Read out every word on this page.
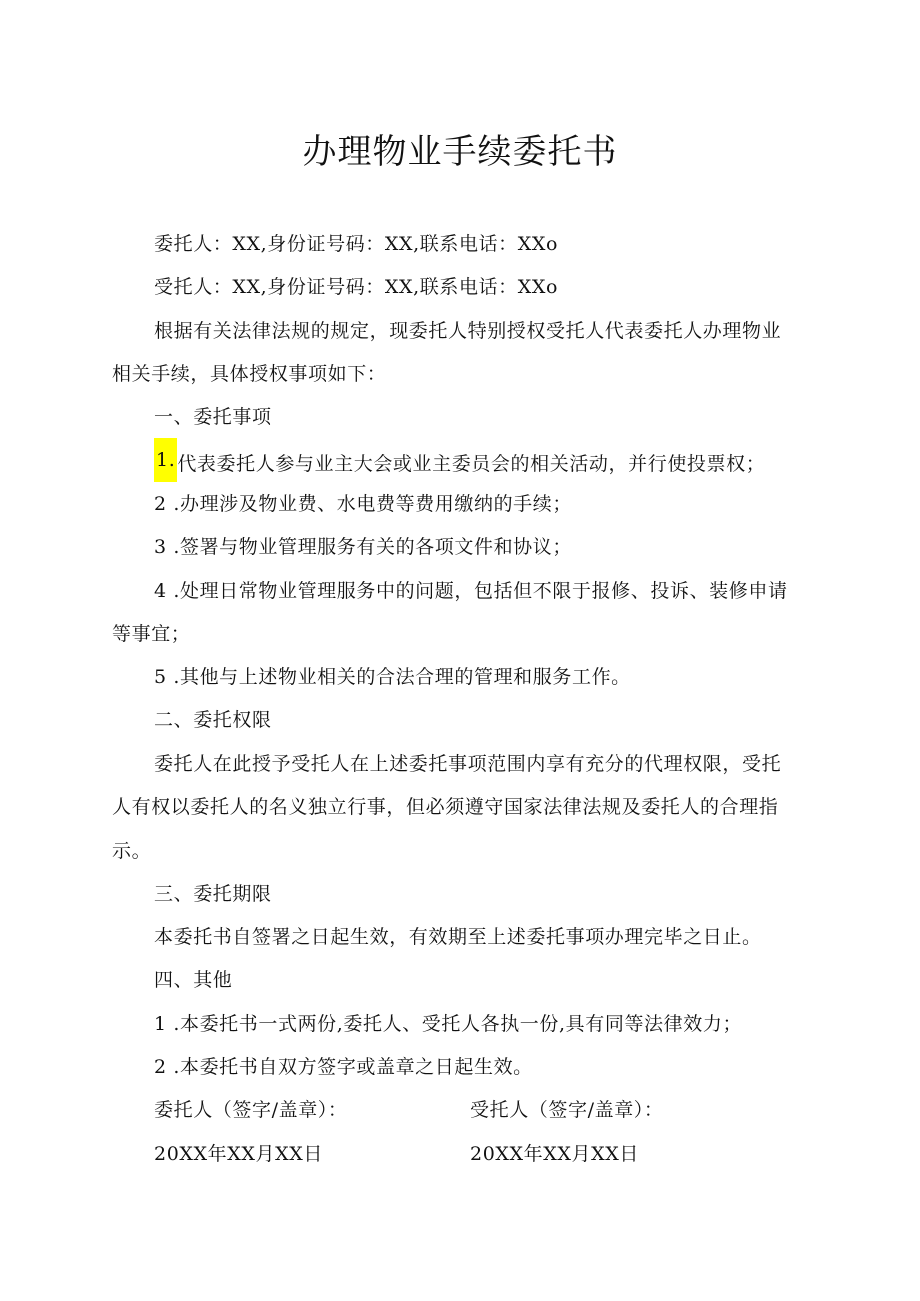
办理物业手续委托书
委托人：XX,身份证号码：XX,联系电话：XXo
受托人：XX,身份证号码：XX,联系电话：XXo
根据有关法律法规的规定，现委托人特别授权受托人代表委托人办理物业
相关手续，具体授权事项如下：
一、委托事项
1. 代表委托人参与业主大会或业主委员会的相关活动，并行使投票权；
2 .办理涉及物业费、水电费等费用缴纳的手续；
3 .签署与物业管理服务有关的各项文件和协议；
4 .处理日常物业管理服务中的问题，包括但不限于报修、投诉、装修申请
等事宜；
5 .其他与上述物业相关的合法合理的管理和服务工作。
二、委托权限
委托人在此授予受托人在上述委托事项范围内享有充分的代理权限，受托
人有权以委托人的名义独立行事，但必须遵守国家法律法规及委托人的合理指
示。
三、委托期限
本委托书自签署之日起生效，有效期至上述委托事项办理完毕之日止。
四、其他
1 .本委托书一式两份,委托人、受托人各执一份,具有同等法律效力；
2 .本委托书自双方签字或盖章之日起生效。
委托人（签字/盖章）：	受托人（签字/盖章）：
20XX年XX月XX日	20XX年XX月XX日
